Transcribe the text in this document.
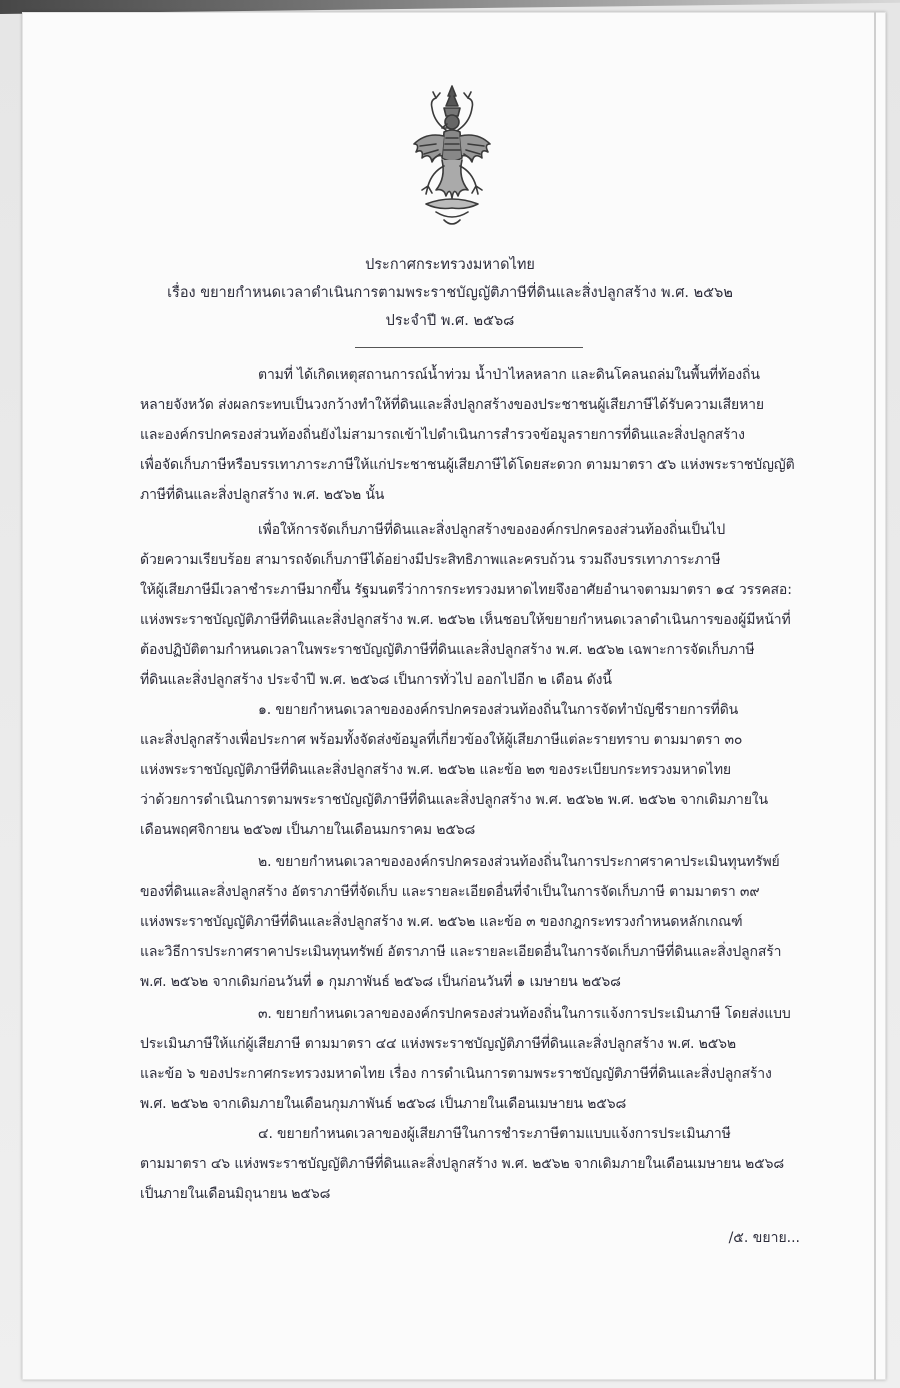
ประกาศกระทรวงมหาดไทย
เรื่อง ขยายกำหนดเวลาดำเนินการตามพระราชบัญญัติภาษีที่ดินและสิ่งปลูกสร้าง พ.ศ. ๒๕๖๒
ประจำปี พ.ศ. ๒๕๖๘
ตามที่ ได้เกิดเหตุสถานการณ์น้ำท่วม น้ำป่าไหลหลาก และดินโคลนถล่มในพื้นที่ท้องถิ่น
หลายจังหวัด ส่งผลกระทบเป็นวงกว้างทำให้ที่ดินและสิ่งปลูกสร้างของประชาชนผู้เสียภาษีได้รับความเสียหาย
และองค์กรปกครองส่วนท้องถิ่นยังไม่สามารถเข้าไปดำเนินการสำรวจข้อมูลรายการที่ดินและสิ่งปลูกสร้าง
เพื่อจัดเก็บภาษีหรือบรรเทาภาระภาษีให้แก่ประชาชนผู้เสียภาษีได้โดยสะดวก ตามมาตรา ๕๖ แห่งพระราชบัญญัติ
ภาษีที่ดินและสิ่งปลูกสร้าง พ.ศ. ๒๕๖๒ นั้น
เพื่อให้การจัดเก็บภาษีที่ดินและสิ่งปลูกสร้างขององค์กรปกครองส่วนท้องถิ่นเป็นไป
ด้วยความเรียบร้อย สามารถจัดเก็บภาษีได้อย่างมีประสิทธิภาพและครบถ้วน รวมถึงบรรเทาภาระภาษี
ให้ผู้เสียภาษีมีเวลาชำระภาษีมากขึ้น รัฐมนตรีว่าการกระทรวงมหาดไทยจึงอาศัยอำนาจตามมาตรา ๑๔ วรรคสอ:
แห่งพระราชบัญญัติภาษีที่ดินและสิ่งปลูกสร้าง พ.ศ. ๒๕๖๒ เห็นชอบให้ขยายกำหนดเวลาดำเนินการของผู้มีหน้าที่
ต้องปฏิบัติตามกำหนดเวลาในพระราชบัญญัติภาษีที่ดินและสิ่งปลูกสร้าง พ.ศ. ๒๕๖๒ เฉพาะการจัดเก็บภาษี
ที่ดินและสิ่งปลูกสร้าง ประจำปี พ.ศ. ๒๕๖๘ เป็นการทั่วไป ออกไปอีก ๒ เดือน ดังนี้
๑. ขยายกำหนดเวลาขององค์กรปกครองส่วนท้องถิ่นในการจัดทำบัญชีรายการที่ดิน
และสิ่งปลูกสร้างเพื่อประกาศ พร้อมทั้งจัดส่งข้อมูลที่เกี่ยวข้องให้ผู้เสียภาษีแต่ละรายทราบ ตามมาตรา ๓๐
แห่งพระราชบัญญัติภาษีที่ดินและสิ่งปลูกสร้าง พ.ศ. ๒๕๖๒ และข้อ ๒๓ ของระเบียบกระทรวงมหาดไทย
ว่าด้วยการดำเนินการตามพระราชบัญญัติภาษีที่ดินและสิ่งปลูกสร้าง พ.ศ. ๒๕๖๒ พ.ศ. ๒๕๖๒ จากเดิมภายใน
เดือนพฤศจิกายน ๒๕๖๗ เป็นภายในเดือนมกราคม ๒๕๖๘
๒. ขยายกำหนดเวลาขององค์กรปกครองส่วนท้องถิ่นในการประกาศราคาประเมินทุนทรัพย์
ของที่ดินและสิ่งปลูกสร้าง อัตราภาษีที่จัดเก็บ และรายละเอียดอื่นที่จำเป็นในการจัดเก็บภาษี ตามมาตรา ๓๙
แห่งพระราชบัญญัติภาษีที่ดินและสิ่งปลูกสร้าง พ.ศ. ๒๕๖๒ และข้อ ๓ ของกฎกระทรวงกำหนดหลักเกณฑ์
และวิธีการประกาศราคาประเมินทุนทรัพย์ อัตราภาษี และรายละเอียดอื่นในการจัดเก็บภาษีที่ดินและสิ่งปลูกสร้า
พ.ศ. ๒๕๖๒ จากเดิมก่อนวันที่ ๑ กุมภาพันธ์ ๒๕๖๘ เป็นก่อนวันที่ ๑ เมษายน ๒๕๖๘
๓. ขยายกำหนดเวลาขององค์กรปกครองส่วนท้องถิ่นในการแจ้งการประเมินภาษี โดยส่งแบบ
ประเมินภาษีให้แก่ผู้เสียภาษี ตามมาตรา ๔๔ แห่งพระราชบัญญัติภาษีที่ดินและสิ่งปลูกสร้าง พ.ศ. ๒๕๖๒
และข้อ ๖ ของประกาศกระทรวงมหาดไทย เรื่อง การดำเนินการตามพระราชบัญญัติภาษีที่ดินและสิ่งปลูกสร้าง
พ.ศ. ๒๕๖๒ จากเดิมภายในเดือนกุมภาพันธ์ ๒๕๖๘ เป็นภายในเดือนเมษายน ๒๕๖๘
๔. ขยายกำหนดเวลาของผู้เสียภาษีในการชำระภาษีตามแบบแจ้งการประเมินภาษี
ตามมาตรา ๔๖ แห่งพระราชบัญญัติภาษีที่ดินและสิ่งปลูกสร้าง พ.ศ. ๒๕๖๒ จากเดิมภายในเดือนเมษายน ๒๕๖๘
เป็นภายในเดือนมิถุนายน ๒๕๖๘
/๕. ขยาย...
